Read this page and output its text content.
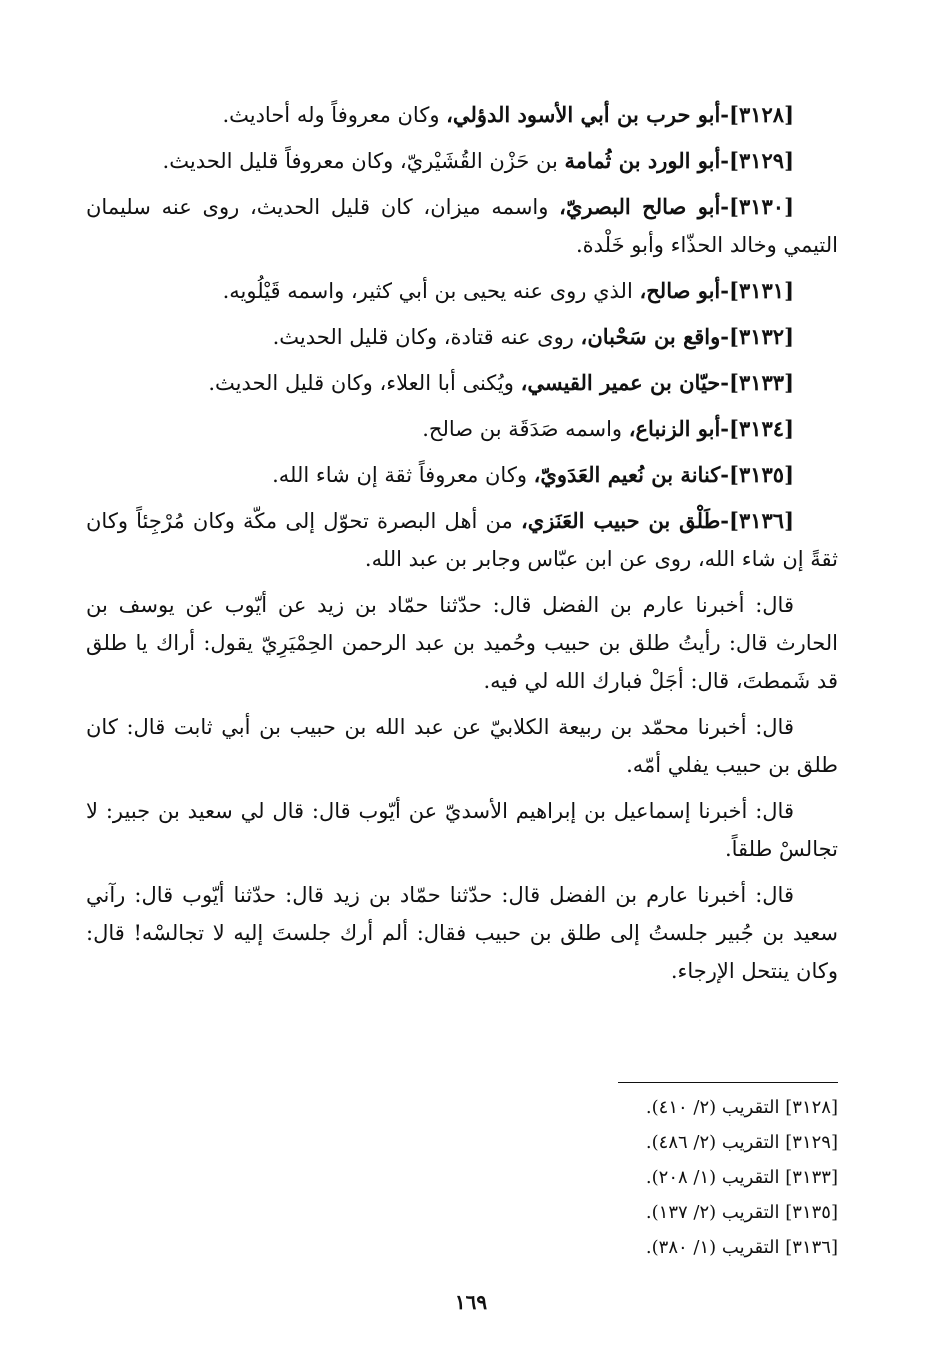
[٣١٢٨]-أبو حرب بن أبي الأسود الدؤلي، وكان معروفاً وله أحاديث.
[٣١٢٩]-أبو الورد بن ثُمامة بن حَزْن القُشَيْريّ، وكان معروفاً قليل الحديث.
[٣١٣٠]-أبو صالح البصريّ، واسمه ميزان، كان قليل الحديث، روى عنه سليمان التيمي وخالد الحذّاء وأبو خَلْدة.
[٣١٣١]-أبو صالح، الذي روى عنه يحيى بن أبي كثير، واسمه قَيْلُويه.
[٣١٣٢]-واقع بن سَحْبان، روى عنه قتادة، وكان قليل الحديث.
[٣١٣٣]-حيّان بن عمير القيسي، ويُكنى أبا العلاء، وكان قليل الحديث.
[٣١٣٤]-أبو الزنباع، واسمه صَدَقَة بن صالح.
[٣١٣٥]-كنانة بن نُعيم العَدَويّ، وكان معروفاً ثقة إن شاء الله.
[٣١٣٦]-طَلْق بن حبيب العَنَزي، من أهل البصرة تحوّل إلى مكّة وكان مُرْجِئاً وكان ثقةً إن شاء الله، روى عن ابن عبّاس وجابر بن عبد الله.
قال: أخبرنا عارم بن الفضل قال: حدّثنا حمّاد بن زيد عن أيّوب عن يوسف بن الحارث قال: رأيتُ طلق بن حبيب وحُميد بن عبد الرحمن الحِمْيَرِيّ يقول: أراك يا طلق قد شَمطتَ، قال: أجَلْ فبارك الله لي فيه.
قال: أخبرنا محمّد بن ربيعة الكلابيّ عن عبد الله بن حبيب بن أبي ثابت قال: كان طلق بن حبيب يفلي أمّه.
قال: أخبرنا إسماعيل بن إبراهيم الأسديّ عن أيّوب قال: قال لي سعيد بن جبير: لا تجالسْ طلقاً.
قال: أخبرنا عارم بن الفضل قال: حدّثنا حمّاد بن زيد قال: حدّثنا أيّوب قال: رآني سعيد بن جُبير جلستُ إلى طلق بن حبيب فقال: ألم أرك جلستَ إليه لا تجالسْه! قال: وكان ينتحل الإرجاء.
[٣١٢٨] التقريب (٢/ ٤١٠).
[٣١٢٩] التقريب (٢/ ٤٨٦).
[٣١٣٣] التقريب (١/ ٢٠٨).
[٣١٣٥] التقريب (٢/ ١٣٧).
[٣١٣٦] التقريب (١/ ٣٨٠).
١٦٩
